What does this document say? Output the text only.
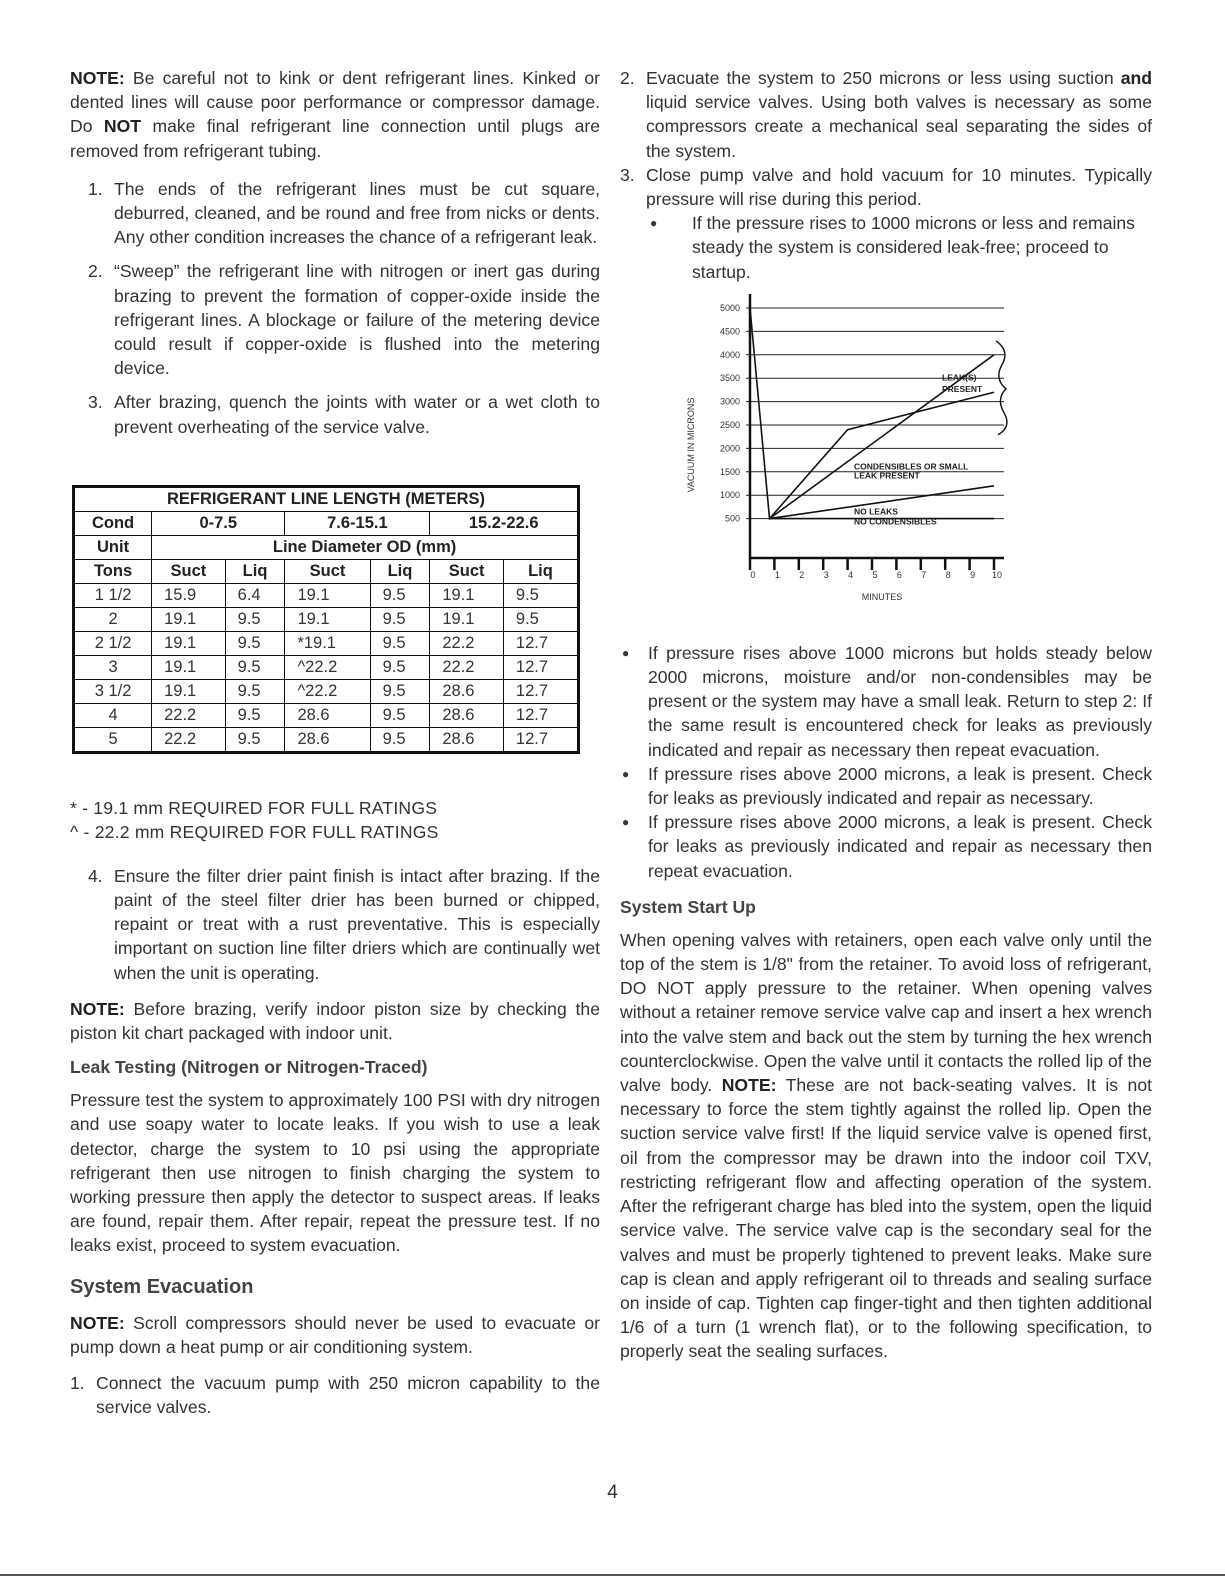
NOTE: Be careful not to kink or dent refrigerant lines. Kinked or dented lines will cause poor performance or compressor damage. Do NOT make final refrigerant line connection until plugs are removed from refrigerant tubing.

1. The ends of the refrigerant lines must be cut square, deburred, cleaned, and be round and free from nicks or dents. Any other condition increases the chance of a refrigerant leak.
2. “Sweep” the refrigerant line with nitrogen or inert gas during brazing to prevent the formation of copper-oxide inside the refrigerant lines. A blockage or failure of the metering device could result if copper-oxide is flushed into the metering device.
3. After brazing, quench the joints with water or a wet cloth to prevent overheating of the service valve.
REFRIGERANT LINE LENGTH (METERS)						
Cond	0-7.5		7.6-15.1		15.2-22.6	
Unit	Line Diameter OD (mm)					
Tons	Suct	Liq	Suct	Liq	Suct	Liq
1 1/2	15.9	6.4	19.1	9.5	19.1	9.5
2	19.1	9.5	19.1	9.5	19.1	9.5
2 1/2	19.1	9.5	*19.1	9.5	22.2	12.7
3	19.1	9.5	^22.2	9.5	22.2	12.7
3 1/2	19.1	9.5	^22.2	9.5	28.6	12.7
4	22.2	9.5	28.6	9.5	28.6	12.7
5	22.2	9.5	28.6	9.5	28.6	12.7

* - 19.1 mm REQUIRED FOR FULL RATINGS

^ - 22.2 mm REQUIRED FOR FULL RATINGS

4. Ensure the filter drier paint finish is intact after brazing. If the paint of the steel filter drier has been burned or chipped, repaint or treat with a rust preventative. This is especially important on suction line filter driers which are continually wet when the unit is operating.

NOTE: Before brazing, verify indoor piston size by checking the piston kit chart packaged with indoor unit.

Leak Testing (Nitrogen or Nitrogen-Traced)

Pressure test the system to approximately 100 PSI with dry nitrogen and use soapy water to locate leaks. If you wish to use a leak detector, charge the system to 10 psi using the appropriate refrigerant then use nitrogen to finish charging the system to working pressure then apply the detector to suspect areas. If leaks are found, repair them. After repair, repeat the pressure test. If no leaks exist, proceed to system evacuation.

System Evacuation

NOTE: Scroll compressors should never be used to evacuate or pump down a heat pump or air conditioning system.

1. Connect the vacuum pump with 250 micron capability to the service valves.
2. Evacuate the system to 250 microns or less using suction and liquid service valves. Using both valves is necessary as some compressors create a mechanical seal separating the sides of the system.
3. Close pump valve and hold vacuum for 10 minutes. Typically pressure will rise during this period.
● If the pressure rises to 1000 microns or less and remains steady the system is considered leak-free; proceed to startup.
5000
4500
4000
3500
3000
2500
2000
1500
1000
500
0 1 2 3 4 5 6 7 8 9 10
MINUTES
VACUUM IN MICRONS
LEAK(S)
PRESENT
CONDENSIBLES OR SMALL
LEAK PRESENT
NO LEAKS
NO CONDENSIBLES
● If pressure rises above 1000 microns but holds steady below 2000 microns, moisture and/or non-condensibles may be present or the system may have a small leak. Return to step 2: If the same result is encountered check for leaks as previously indicated and repair as necessary then repeat evacuation.
● If pressure rises above 2000 microns, a leak is present. Check for leaks as previously indicated and repair as necessary.
● If pressure rises above 2000 microns, a leak is present. Check for leaks as previously indicated and repair as necessary then repeat evacuation.
System Start Up

When opening valves with retainers, open each valve only until the top of the stem is 1/8" from the retainer. To avoid loss of refrigerant, DO NOT apply pressure to the retainer. When opening valves without a retainer remove service valve cap and insert a hex wrench into the valve stem and back out the stem by turning the hex wrench counterclockwise. Open the valve until it contacts the rolled lip of the valve body. NOTE: These are not back-seating valves. It is not necessary to force the stem tightly against the rolled lip. Open the suction service valve first! If the liquid service valve is opened first, oil from the compressor may be drawn into the indoor coil TXV, restricting refrigerant flow and affecting operation of the system. After the refrigerant charge has bled into the system, open the liquid service valve. The service valve cap is the secondary seal for the valves and must be properly tightened to prevent leaks. Make sure cap is clean and apply refrigerant oil to threads and sealing surface on inside of cap. Tighten cap finger-tight and then tighten additional 1/6 of a turn (1 wrench flat), or to the following specification, to properly seat the sealing surfaces.

4
